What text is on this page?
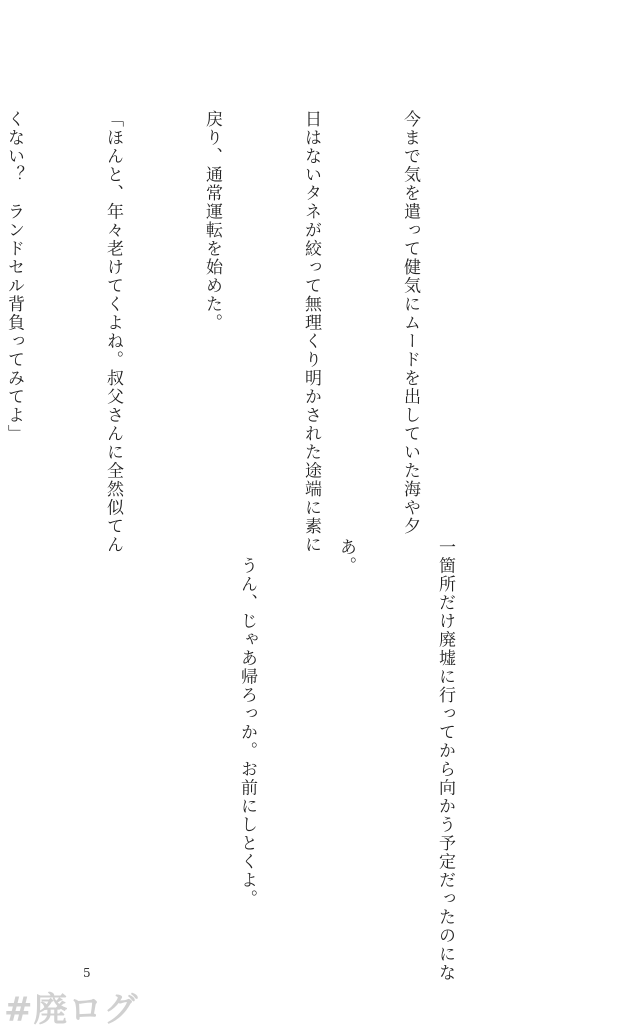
今まで気を遣って健気にムードを出していた海や夕

日はないタネが絞って無理くり明かされた途端に素に

戻り、通常運転を始めた。

「ほんと、年々老けてくよね。叔父さんに全然似てん

くない？　ランドセル背負ってみてよ」

一箇所だけ廃墟に行ってから向かう予定だったのにな

あ。

　うん、じゃあ帰ろっか。お前にしとくよ。

5
#廃ログ
